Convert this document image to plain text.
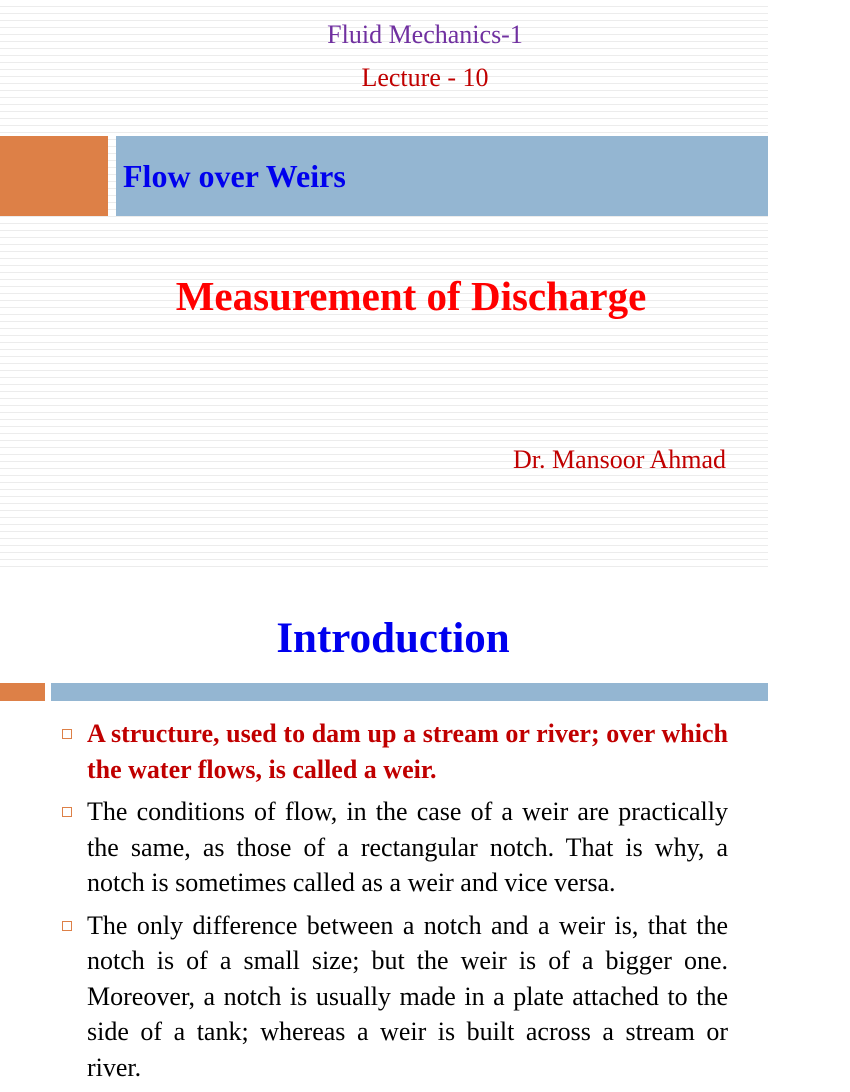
Fluid Mechanics-1
Lecture - 10
Flow over Weirs
Measurement of Discharge
Dr. Mansoor Ahmad
Introduction
A structure, used to dam up a stream or river; over which the water flows, is called a weir.
The conditions of flow, in the case of a weir are practically the same, as those of a rectangular notch. That is why, a notch is sometimes called as a weir and vice versa.
The only difference between a notch and a weir is, that the notch is of a small size; but the weir is of a bigger one. Moreover, a notch is usually made in a plate attached to the side of a tank; whereas a weir is built across a stream or river.
